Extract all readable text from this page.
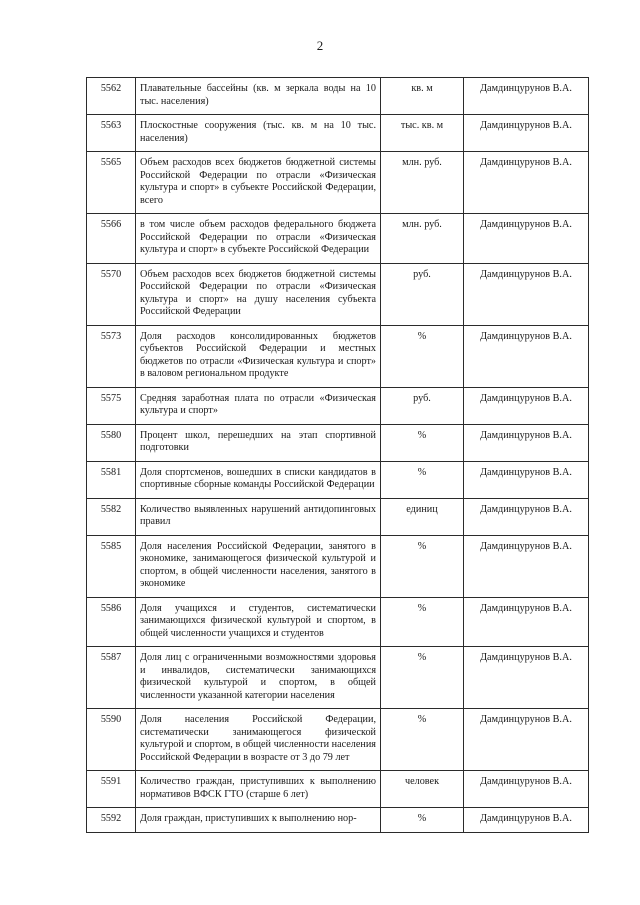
2
5562	Плавательные бассейны (кв. м зеркала воды на 10 тыс. населения)	кв. м	Дамдинцурунов В.А.
5563	Плоскостные сооружения (тыс. кв. м на 10 тыс. населения)	тыс. кв. м	Дамдинцурунов В.А.
5565	Объем расходов всех бюджетов бюджетной системы Российской Федерации по отрасли «Физическая культура и спорт» в субъекте Российской Федерации, всего	млн. руб.	Дамдинцурунов В.А.
5566	в том числе объем расходов федерального бюджета Российской Федерации по отрасли «Физическая культура и спорт» в субъекте Российской Федерации	млн. руб.	Дамдинцурунов В.А.
5570	Объем расходов всех бюджетов бюджетной системы Российской Федерации по отрасли «Физическая культура и спорт» на душу населения субъекта Российской Федерации	руб.	Дамдинцурунов В.А.
5573	Доля расходов консолидированных бюджетов субъектов Российской Федерации и местных бюджетов по отрасли «Физическая культура и спорт» в валовом региональном продукте	%	Дамдинцурунов В.А.
5575	Средняя заработная плата по отрасли «Физическая культура и спорт»	руб.	Дамдинцурунов В.А.
5580	Процент школ, перешедших на этап спортивной подготовки	%	Дамдинцурунов В.А.
5581	Доля спортсменов, вошедших в списки кандидатов в спортивные сборные команды Российской Федерации	%	Дамдинцурунов В.А.
5582	Количество выявленных нарушений антидопинговых правил	единиц	Дамдинцурунов В.А.
5585	Доля населения Российской Федерации, занятого в экономике, занимающегося физической культурой и спортом, в общей численности населения, занятого в экономике	%	Дамдинцурунов В.А.
5586	Доля учащихся и студентов, систематически занимающихся физической культурой и спортом, в общей численности учащихся и студентов	%	Дамдинцурунов В.А.
5587	Доля лиц с ограниченными возможностями здоровья и инвалидов, систематически занимающихся физической культурой и спортом, в общей численности указанной категории населения	%	Дамдинцурунов В.А.
5590	Доля населения Российской Федерации, систематически занимающегося физической культурой и спортом, в общей численности населения Российской Федерации в возрасте от 3 до 79 лет	%	Дамдинцурунов В.А.
5591	Количество граждан, приступивших к выполнению нормативов ВФСК ГТО (старше 6 лет)	человек	Дамдинцурунов В.А.
5592	Доля граждан, приступивших к выполнению нор-	%	Дамдинцурунов В.А.
